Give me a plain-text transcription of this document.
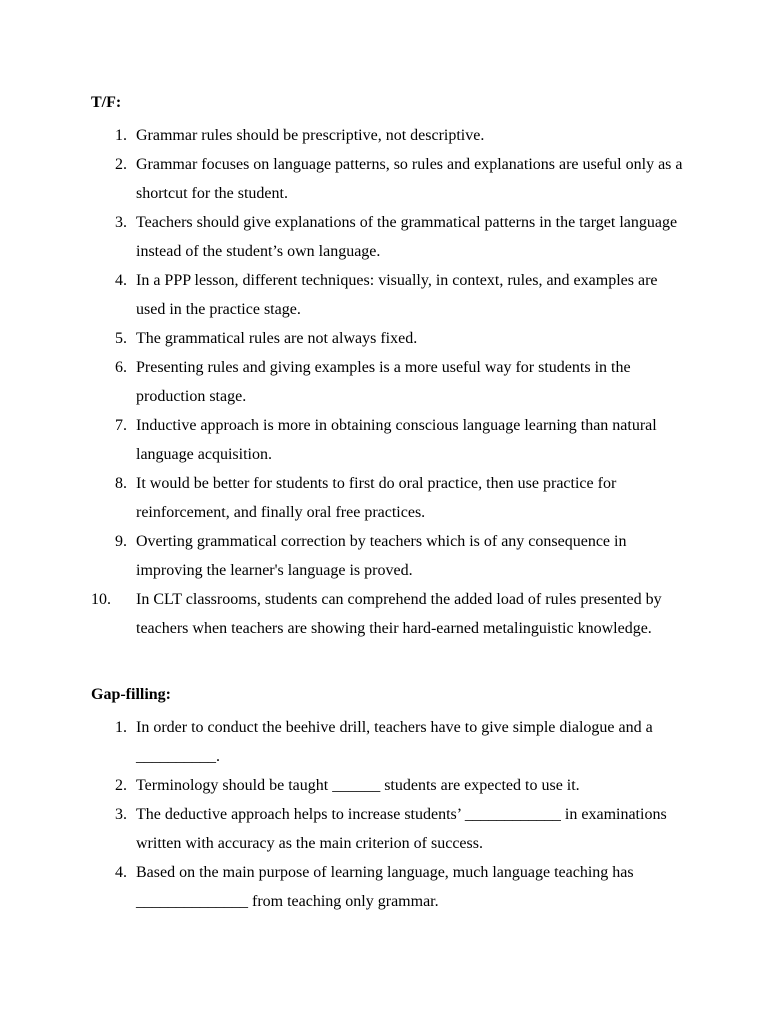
T/F:
1. Grammar rules should be prescriptive, not descriptive.
2. Grammar focuses on language patterns, so rules and explanations are useful only as a shortcut for the student.
3. Teachers should give explanations of the grammatical patterns in the target language instead of the student’s own language.
4. In a PPP lesson, different techniques: visually, in context, rules, and examples are used in the practice stage.
5. The grammatical rules are not always fixed.
6. Presenting rules and giving examples is a more useful way for students in the production stage.
7. Inductive approach is more in obtaining conscious language learning than natural language acquisition.
8. It would be better for students to first do oral practice, then use practice for reinforcement, and finally oral free practices.
9. Overting grammatical correction by teachers which is of any consequence in improving the learner's language is proved.
10.	In CLT classrooms, students can comprehend the added load of rules presented by teachers when teachers are showing their hard-earned metalinguistic knowledge.
Gap-filling:
1. In order to conduct the beehive drill, teachers have to give simple dialogue and a __________.
2. Terminology should be taught ______ students are expected to use it.
3. The deductive approach helps to increase students’ ____________ in examinations written with accuracy as the main criterion of success.
4. Based on the main purpose of learning language, much language teaching has ______________ from teaching only grammar.
